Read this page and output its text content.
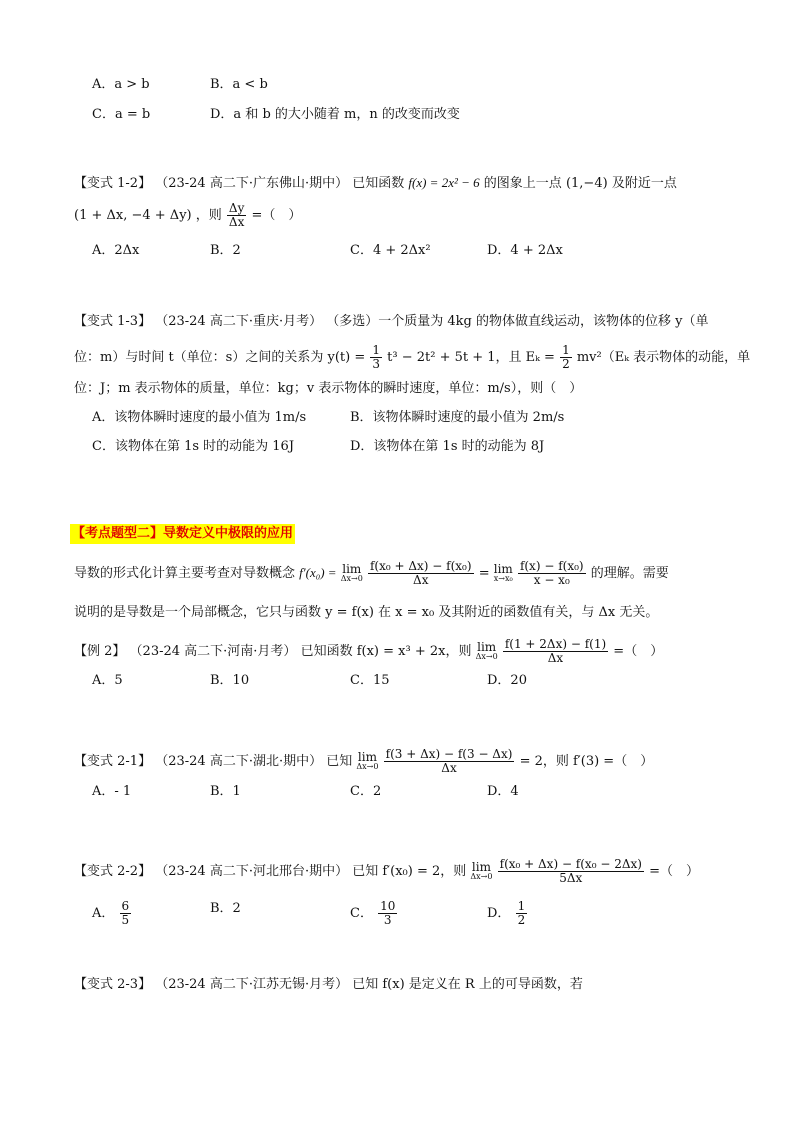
A．a > b	B．a < b
C．a = b	D．a 和 b 的大小随着 m，n 的改变而改变
【变式 1-2】 （23-24 高二下·广东佛山·期中） 已知函数 f(x) = 2x² − 6 的图象上一点 (1,−4) 及附近一点
(1 + Δx, −4 + Δy) ，则 $\frac{\Delta y}{\Delta x}$ =（　）
A．2Δx	B．2	C．4 + 2Δx²	D．4 + 2Δx
【变式 1-3】 （23-24 高二下·重庆·月考） （多选）一个质量为 4kg 的物体做直线运动，该物体的位移 y（单
位：m）与时间 t（单位：s）之间的关系为 $y(t) = \frac{1}{3} t^3 - 2t^2 + 5t + 1$，且 $E_k = \frac{1}{2} mv^2(E_k$ 表示物体的动能，单
位：J；m 表示物体的质量，单位：kg；v 表示物体的瞬时速度，单位：m/s），则（　）
A．该物体瞬时速度的最小值为 1m/s	B．该物体瞬时速度的最小值为 2m/s
C．该物体在第 1s 时的动能为 16J	D．该物体在第 1s 时的动能为 8J
【考点题型二】导数定义中极限的应用
导数的形式化计算主要考查对导数概念 f′(x₀) = lim
Δx→0
$\frac{\text{f(x₀ + Δx) − f(x₀)}}{\Delta x} = \lim$
x→x₀
$\frac{\text{f(x) − f(x₀)}}{\text{x − x₀}}$ 的理解。需要
说明的是导数是一个局部概念，它只与函数 y = f(x) 在 x = x₀ 及其附近的函数值有关，与 Δx 无关。
【例 2】 （23-24 高二下·河南·月考） 已知函数 f(x) = x³ + 2x，则 lim
Δx→0
$\frac{f(1 + 2\Delta x) - f(1)}{\Delta x}$ =（　）
A．5	B．10	C．15	D．20
【变式 2-1】 （23-24 高二下·湖北·期中） 已知 lim
Δx→0
$\frac{f(3 + \Delta x) - f(3 - \Delta x)}{\Delta x} = 2$，则 f′(3) =（　）
A．- 1	B．1	C．2	D．4
【变式 2-2】 （23-24 高二下·河北邢台·期中） 已知 f′(x₀) = 2，则 lim
Δx→0
$\frac{\text{f(x₀ + Δx) − f(x₀ − 2Δx)}}{5\Delta x}$ =（　）
A． $\frac{6}{5}$	B．2	C． $\frac{10}{3}$	D． $\frac{1}{2}$
【变式 2-3】 （23-24 高二下·江苏无锡·月考） 已知 f(x) 是定义在 R 上的可导函数，若
